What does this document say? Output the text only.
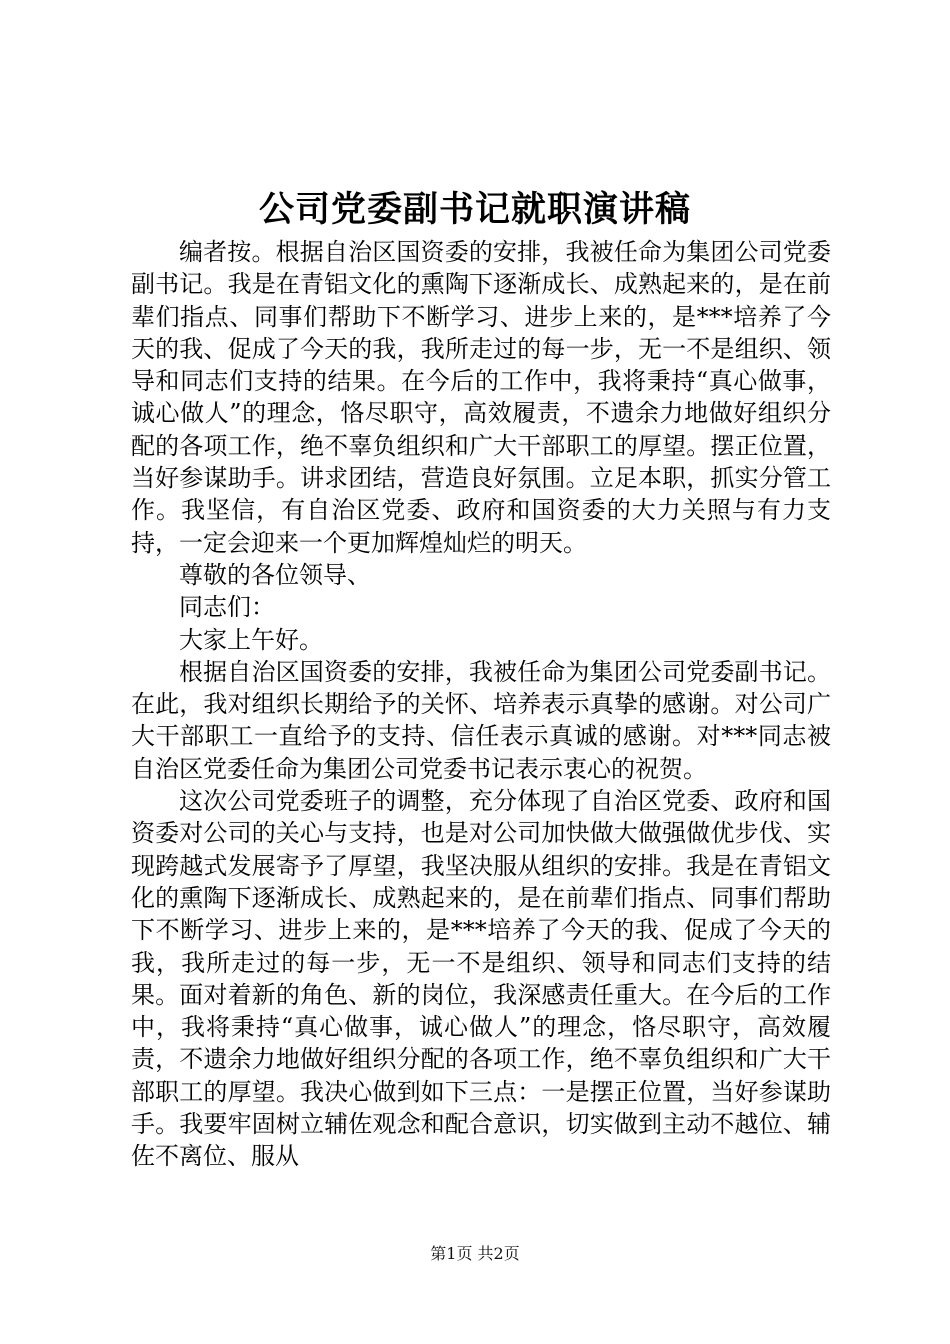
公司党委副书记就职演讲稿

编者按。根据自治区国资委的安排，我被任命为集团公司党委副书记。我是在青铝文化的熏陶下逐渐成长、成熟起来的，是在前辈们指点、同事们帮助下不断学习、进步上来的，是***培养了今天的我、促成了今天的我，我所走过的每一步，无一不是组织、领导和同志们支持的结果。在今后的工作中，我将秉持“真心做事，诚心做人”的理念，恪尽职守，高效履责，不遗余力地做好组织分配的各项工作，绝不辜负组织和广大干部职工的厚望。摆正位置，当好参谋助手。讲求团结，营造良好氛围。立足本职，抓实分管工作。我坚信，有自治区党委、政府和国资委的大力关照与有力支持，一定会迎来一个更加辉煌灿烂的明天。

尊敬的各位领导、

同志们：

大家上午好。

根据自治区国资委的安排，我被任命为集团公司党委副书记。在此，我对组织长期给予的关怀、培养表示真挚的感谢。对公司广大干部职工一直给予的支持、信任表示真诚的感谢。对***同志被自治区党委任命为集团公司党委书记表示衷心的祝贺。

这次公司党委班子的调整，充分体现了自治区党委、政府和国资委对公司的关心与支持，也是对公司加快做大做强做优步伐、实现跨越式发展寄予了厚望，我坚决服从组织的安排。我是在青铝文化的熏陶下逐渐成长、成熟起来的，是在前辈们指点、同事们帮助下不断学习、进步上来的，是***培养了今天的我、促成了今天的我，我所走过的每一步，无一不是组织、领导和同志们支持的结果。面对着新的角色、新的岗位，我深感责任重大。在今后的工作中，我将秉持“真心做事，诚心做人”的理念，恪尽职守，高效履责，不遗余力地做好组织分配的各项工作，绝不辜负组织和广大干部职工的厚望。我决心做到如下三点：一是摆正位置，当好参谋助手。我要牢固树立辅佐观念和配合意识，切实做到主动不越位、辅佐不离位、服从

第1页 共2页
